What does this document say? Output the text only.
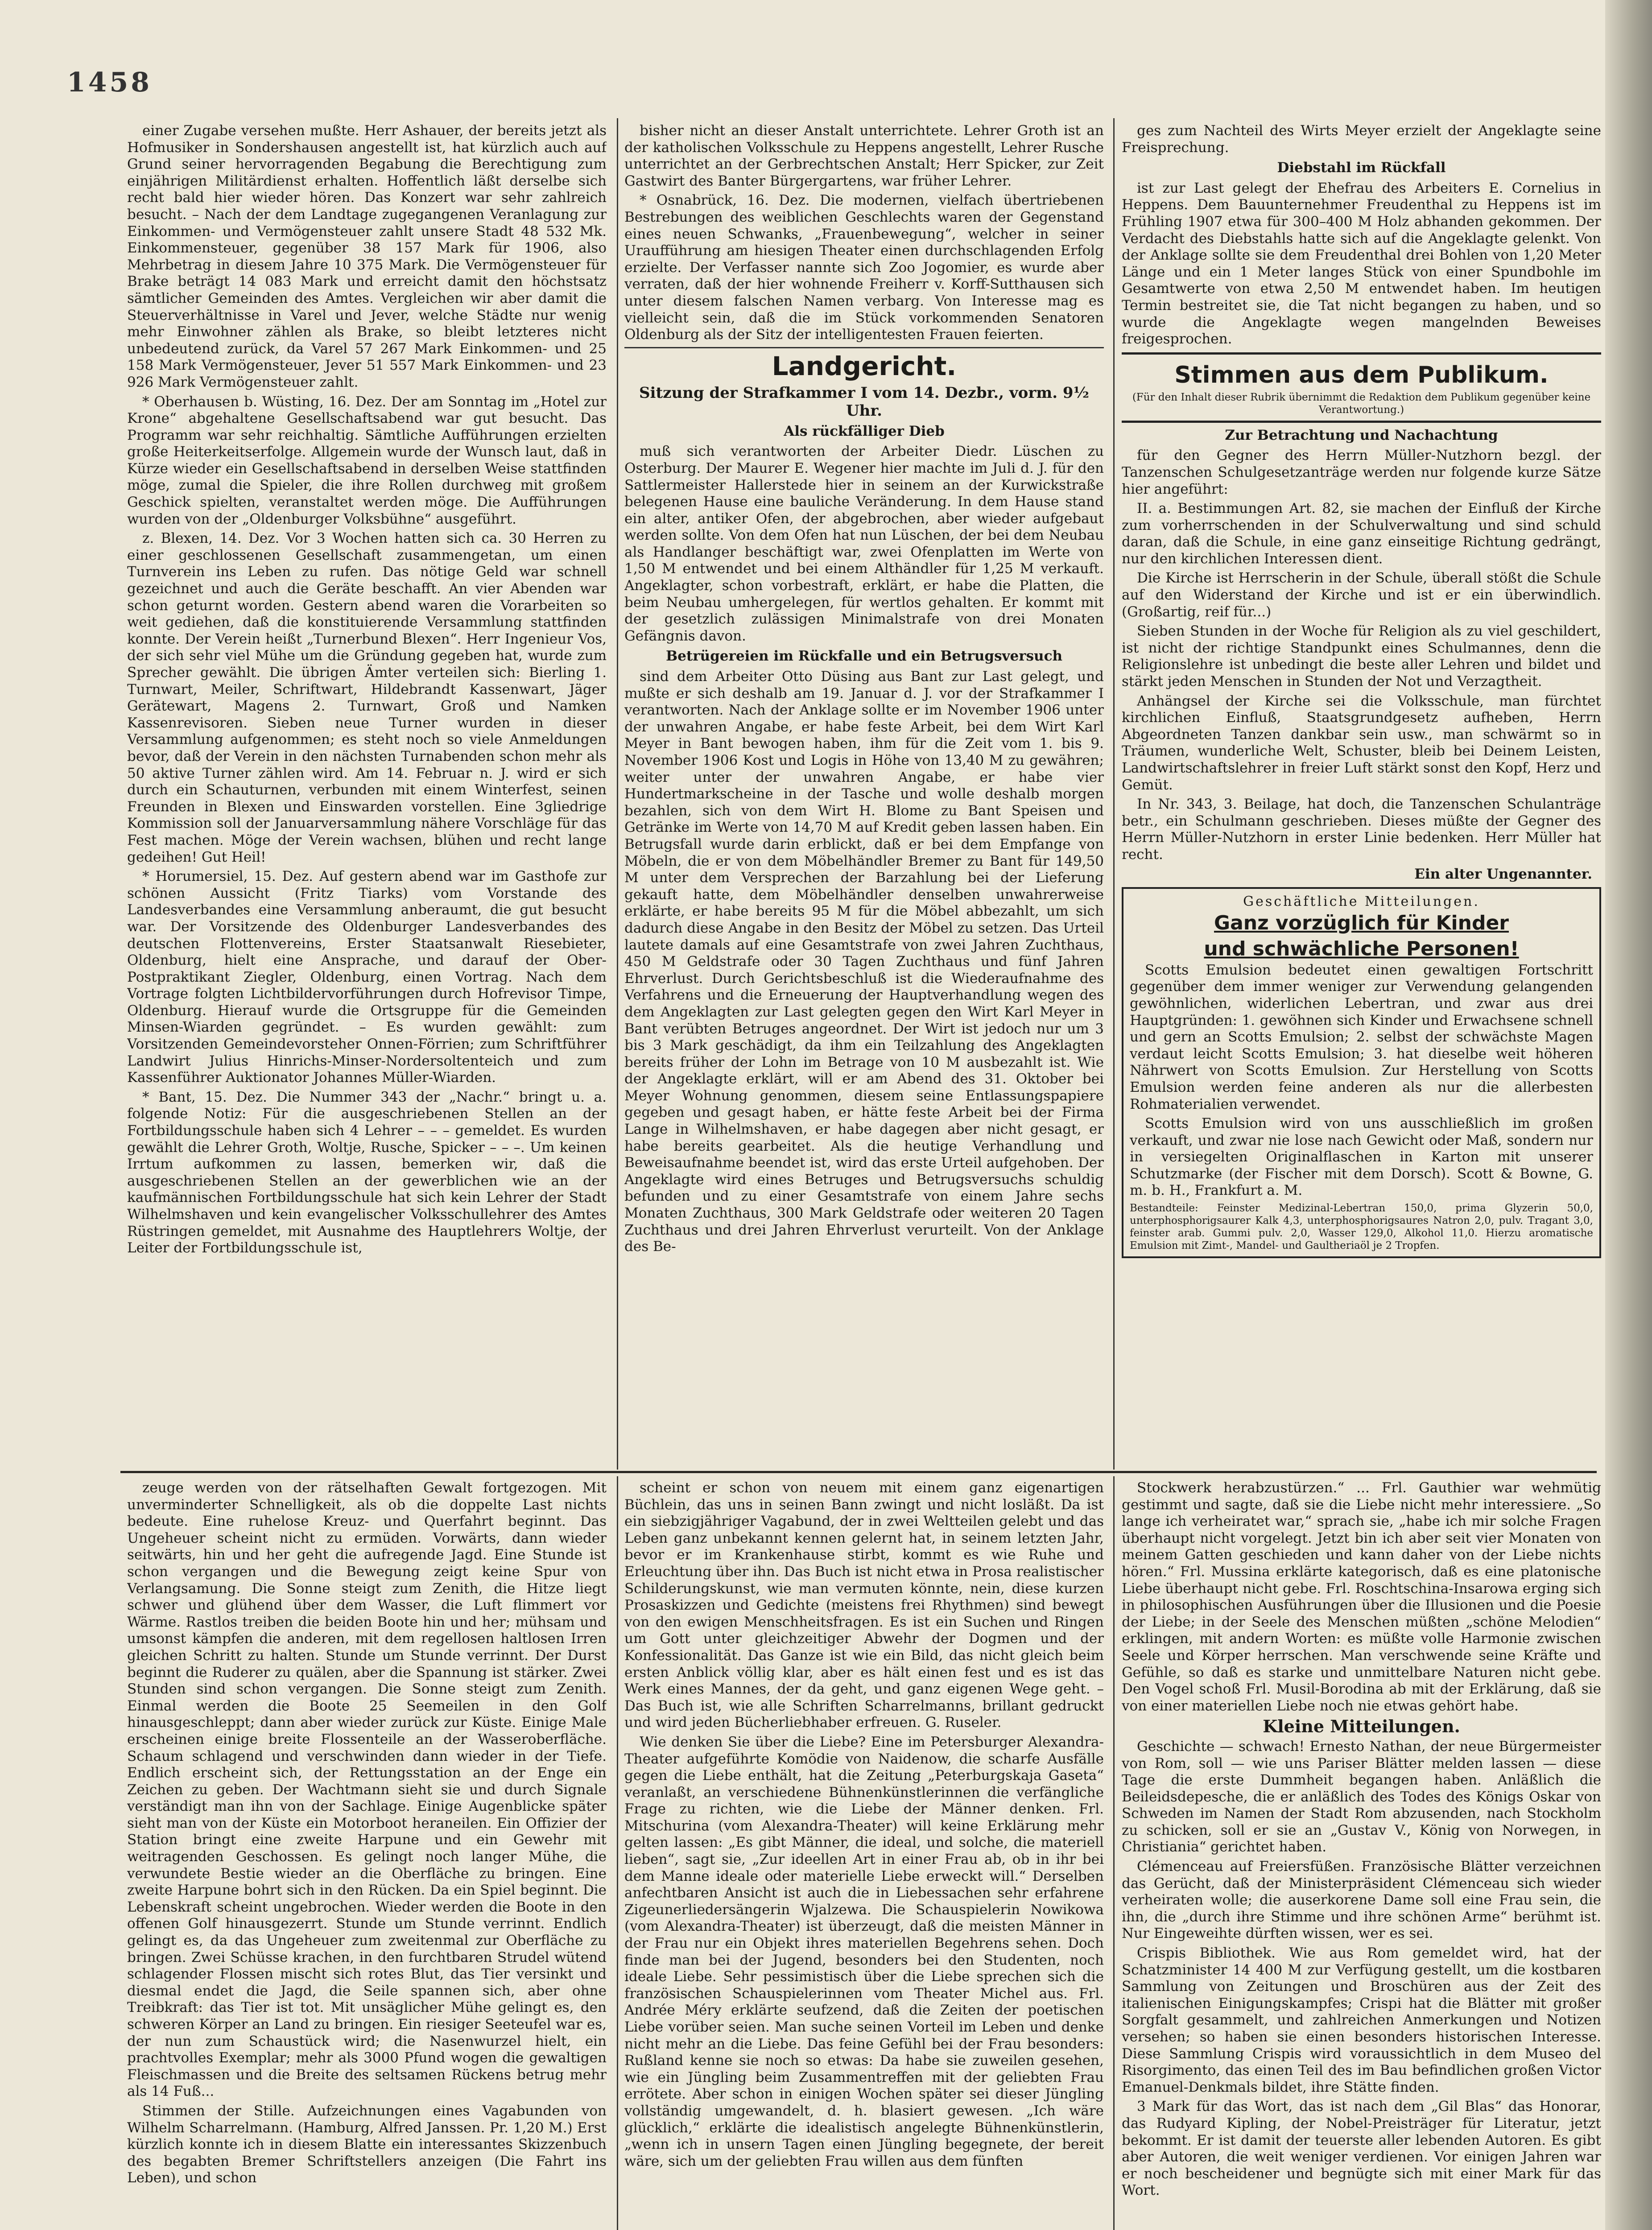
1458

einer Zugabe versehen mußte. Herr Ashauer, der bereits jetzt als Hofmusiker in Sondershausen angestellt ist, hat kürzlich auch auf Grund seiner hervorragenden Begabung die Berechtigung zum einjährigen Militärdienst erhalten. Hoffentlich läßt derselbe sich recht bald hier wieder hören. Das Konzert war sehr zahlreich besucht. – Nach der dem Landtage zugegangenen Veranlagung zur Einkommen- und Vermögensteuer zahlt unsere Stadt 48 532 Mk. Einkommensteuer, gegenüber 38 157 Mark für 1906, also Mehrbetrag in diesem Jahre 10 375 Mark. Die Vermögensteuer für Brake beträgt 14 083 Mark und erreicht damit den höchstsatz sämtlicher Gemeinden des Amtes. Vergleichen wir aber damit die Steuerverhältnisse in Varel und Jever, welche Städte nur wenig mehr Einwohner zählen als Brake, so bleibt letzteres nicht unbedeutend zurück, da Varel 57 267 Mark Einkommen- und 25 158 Mark Vermögensteuer, Jever 51 557 Mark Einkommen- und 23 926 Mark Vermögensteuer zahlt.

* Oberhausen b. Wüsting, 16. Dez. Der am Sonntag im „Hotel zur Krone“ abgehaltene Gesellschaftsabend war gut besucht. Das Programm war sehr reichhaltig. Sämtliche Aufführungen erzielten große Heiterkeitserfolge. Allgemein wurde der Wunsch laut, daß in Kürze wieder ein Gesellschaftsabend in derselben Weise stattfinden möge, zumal die Spieler, die ihre Rollen durchweg mit großem Geschick spielten, veranstaltet werden möge. Die Aufführungen wurden von der „Oldenburger Volksbühne“ ausgeführt.

z. Blexen, 14. Dez. Vor 3 Wochen hatten sich ca. 30 Herren zu einer geschlossenen Gesellschaft zusammengetan, um einen Turnverein ins Leben zu rufen. Das nötige Geld war schnell gezeichnet und auch die Geräte beschafft. An vier Abenden war schon geturnt worden. Gestern abend waren die Vorarbeiten so weit gediehen, daß die konstituierende Versammlung stattfinden konnte. Der Verein heißt „Turnerbund Blexen“. Herr Ingenieur Vos, der sich sehr viel Mühe um die Gründung gegeben hat, wurde zum Sprecher gewählt. Die übrigen Ämter verteilen sich: Bierling 1. Turnwart, Meiler, Schriftwart, Hildebrandt Kassenwart, Jäger Gerätewart, Magens 2. Turnwart, Groß und Namken Kassenrevisoren. Sieben neue Turner wurden in dieser Versammlung aufgenommen; es steht noch so viele Anmeldungen bevor, daß der Verein in den nächsten Turnabenden schon mehr als 50 aktive Turner zählen wird. Am 14. Februar n. J. wird er sich durch ein Schauturnen, verbunden mit einem Winterfest, seinen Freunden in Blexen und Einswarden vorstellen. Eine 3gliedrige Kommission soll der Januarversammlung nähere Vorschläge für das Fest machen. Möge der Verein wachsen, blühen und recht lange gedeihen! Gut Heil!

* Horumersiel, 15. Dez. Auf gestern abend war im Gasthofe zur schönen Aussicht (Fritz Tiarks) vom Vorstande des Landesverbandes eine Versammlung anberaumt, die gut besucht war. Der Vorsitzende des Oldenburger Landesverbandes des deutschen Flottenvereins, Erster Staatsanwalt Riesebieter, Oldenburg, hielt eine Ansprache, und darauf der Ober-Postpraktikant Ziegler, Oldenburg, einen Vortrag. Nach dem Vortrage folgten Lichtbildervorführungen durch Hofrevisor Timpe, Oldenburg. Hierauf wurde die Ortsgruppe für die Gemeinden Minsen-Wiarden gegründet. – Es wurden gewählt: zum Vorsitzenden Gemeindevorsteher Onnen-Förrien; zum Schriftführer Landwirt Julius Hinrichs-Minser-Nordersoltenteich und zum Kassenführer Auktionator Johannes Müller-Wiarden.

* Bant, 15. Dez. Die Nummer 343 der „Nachr.“ bringt u. a. folgende Notiz: Für die ausgeschriebenen Stellen an der Fortbildungsschule haben sich 4 Lehrer – – – gemeldet. Es wurden gewählt die Lehrer Groth, Woltje, Rusche, Spicker – – –. Um keinen Irrtum aufkommen zu lassen, bemerken wir, daß die ausgeschriebenen Stellen an der gewerblichen wie an der kaufmännischen Fortbildungsschule hat sich kein Lehrer der Stadt Wilhelmshaven und kein evangelischer Volksschullehrer des Amtes Rüstringen gemeldet, mit Ausnahme des Hauptlehrers Woltje, der Leiter der Fortbildungsschule ist,

bisher nicht an dieser Anstalt unterrichtete. Lehrer Groth ist an der katholischen Volksschule zu Heppens angestellt, Lehrer Rusche unterrichtet an der Gerbrechtschen Anstalt; Herr Spicker, zur Zeit Gastwirt des Banter Bürgergartens, war früher Lehrer.

* Osnabrück, 16. Dez. Die modernen, vielfach übertriebenen Bestrebungen des weiblichen Geschlechts waren der Gegenstand eines neuen Schwanks, „Frauenbewegung“, welcher in seiner Uraufführung am hiesigen Theater einen durchschlagenden Erfolg erzielte. Der Verfasser nannte sich Zoo Jogomier, es wurde aber verraten, daß der hier wohnende Freiherr v. Korff-Sutthausen sich unter diesem falschen Namen verbarg. Von Interesse mag es vielleicht sein, daß die im Stück vorkommenden Senatoren Oldenburg als der Sitz der intelligentesten Frauen feierten.

Landgericht.
Sitzung der Strafkammer I vom 14. Dezbr., vorm. 9½ Uhr.
Als rückfälliger Dieb

muß sich verantworten der Arbeiter Diedr. Lüschen zu Osterburg. Der Maurer E. Wegener hier machte im Juli d. J. für den Sattlermeister Hallerstede hier in seinem an der Kurwickstraße belegenen Hause eine bauliche Veränderung. In dem Hause stand ein alter, antiker Ofen, der abgebrochen, aber wieder aufgebaut werden sollte. Von dem Ofen hat nun Lüschen, der bei dem Neubau als Handlanger beschäftigt war, zwei Ofenplatten im Werte von 1,50 M entwendet und bei einem Althändler für 1,25 M verkauft. Angeklagter, schon vorbestraft, erklärt, er habe die Platten, die beim Neubau umhergelegen, für wertlos gehalten. Er kommt mit der gesetzlich zulässigen Minimalstrafe von drei Monaten Gefängnis davon.

Betrügereien im Rückfalle und ein Betrugsversuch

sind dem Arbeiter Otto Düsing aus Bant zur Last gelegt, und mußte er sich deshalb am 19. Januar d. J. vor der Strafkammer I verantworten. Nach der Anklage sollte er im November 1906 unter der unwahren Angabe, er habe feste Arbeit, bei dem Wirt Karl Meyer in Bant bewogen haben, ihm für die Zeit vom 1. bis 9. November 1906 Kost und Logis in Höhe von 13,40 M zu gewähren; weiter unter der unwahren Angabe, er habe vier Hundertmarkscheine in der Tasche und wolle deshalb morgen bezahlen, sich von dem Wirt H. Blome zu Bant Speisen und Getränke im Werte von 14,70 M auf Kredit geben lassen haben. Ein Betrugsfall wurde darin erblickt, daß er bei dem Empfange von Möbeln, die er von dem Möbelhändler Bremer zu Bant für 149,50 M unter dem Versprechen der Barzahlung bei der Lieferung gekauft hatte, dem Möbelhändler denselben unwahrerweise erklärte, er habe bereits 95 M für die Möbel abbezahlt, um sich dadurch diese Angabe in den Besitz der Möbel zu setzen. Das Urteil lautete damals auf eine Gesamtstrafe von zwei Jahren Zuchthaus, 450 M Geldstrafe oder 30 Tagen Zuchthaus und fünf Jahren Ehrverlust. Durch Gerichtsbeschluß ist die Wiederaufnahme des Verfahrens und die Erneuerung der Hauptverhandlung wegen des dem Angeklagten zur Last gelegten gegen den Wirt Karl Meyer in Bant verübten Betruges angeordnet. Der Wirt ist jedoch nur um 3 bis 3 Mark geschädigt, da ihm ein Teilzahlung des Angeklagten bereits früher der Lohn im Betrage von 10 M ausbezahlt ist. Wie der Angeklagte erklärt, will er am Abend des 31. Oktober bei Meyer Wohnung genommen, diesem seine Entlassungspapiere gegeben und gesagt haben, er hätte feste Arbeit bei der Firma Lange in Wilhelmshaven, er habe dagegen aber nicht gesagt, er habe bereits gearbeitet. Als die heutige Verhandlung und Beweisaufnahme beendet ist, wird das erste Urteil aufgehoben. Der Angeklagte wird eines Betruges und Betrugsversuchs schuldig befunden und zu einer Gesamtstrafe von einem Jahre sechs Monaten Zuchthaus, 300 Mark Geldstrafe oder weiteren 20 Tagen Zuchthaus und drei Jahren Ehrverlust verurteilt. Von der Anklage des Be-

ges zum Nachteil des Wirts Meyer erzielt der Angeklagte seine Freisprechung.

Diebstahl im Rückfall

ist zur Last gelegt der Ehefrau des Arbeiters E. Cornelius in Heppens. Dem Bauunternehmer Freudenthal zu Heppens ist im Frühling 1907 etwa für 300–400 M Holz abhanden gekommen. Der Verdacht des Diebstahls hatte sich auf die Angeklagte gelenkt. Von der Anklage sollte sie dem Freudenthal drei Bohlen von 1,20 Meter Länge und ein 1 Meter langes Stück von einer Spundbohle im Gesamtwerte von etwa 2,50 M entwendet haben. Im heutigen Termin bestreitet sie, die Tat nicht begangen zu haben, und so wurde die Angeklagte wegen mangelnden Beweises freigesprochen.

Stimmen aus dem Publikum.
(Für den Inhalt dieser Rubrik übernimmt die Redaktion dem Publikum gegenüber keine Verantwortung.)
Zur Betrachtung und Nachachtung

für den Gegner des Herrn Müller-Nutzhorn bezgl. der Tanzenschen Schulgesetzanträge werden nur folgende kurze Sätze hier angeführt:

II. a. Bestimmungen Art. 82, sie machen der Einfluß der Kirche zum vorherrschenden in der Schulverwaltung und sind schuld daran, daß die Schule, in eine ganz einseitige Richtung gedrängt, nur den kirchlichen Interessen dient.

Die Kirche ist Herrscherin in der Schule, überall stößt die Schule auf den Widerstand der Kirche und ist er ein überwindlich. (Großartig, reif für...)

Sieben Stunden in der Woche für Religion als zu viel geschildert, ist nicht der richtige Standpunkt eines Schulmannes, denn die Religionslehre ist unbedingt die beste aller Lehren und bildet und stärkt jeden Menschen in Stunden der Not und Verzagtheit.

Anhängsel der Kirche sei die Volksschule, man fürchtet kirchlichen Einfluß, Staatsgrundgesetz aufheben, Herrn Abgeordneten Tanzen dankbar sein usw., man schwärmt so in Träumen, wunderliche Welt, Schuster, bleib bei Deinem Leisten, Landwirtschaftslehrer in freier Luft stärkt sonst den Kopf, Herz und Gemüt.

In Nr. 343, 3. Beilage, hat doch, die Tanzenschen Schulanträge betr., ein Schulmann geschrieben. Dieses müßte der Gegner des Herrn Müller-Nutzhorn in erster Linie bedenken. Herr Müller hat recht.

Ein alter Ungenannter.
Geschäftliche Mitteilungen.
Ganz vorzüglich für Kinder
und schwächliche Personen!

Scotts Emulsion bedeutet einen gewaltigen Fortschritt gegenüber dem immer weniger zur Verwendung gelangenden gewöhnlichen, widerlichen Lebertran, und zwar aus drei Hauptgründen: 1. gewöhnen sich Kinder und Erwachsene schnell und gern an Scotts Emulsion; 2. selbst der schwächste Magen verdaut leicht Scotts Emulsion; 3. hat dieselbe weit höheren Nährwert von Scotts Emulsion. Zur Herstellung von Scotts Emulsion werden feine anderen als nur die allerbesten Rohmaterialien verwendet.

Scotts Emulsion wird von uns ausschließlich im großen verkauft, und zwar nie lose nach Gewicht oder Maß, sondern nur in versiegelten Originalflaschen in Karton mit unserer Schutzmarke (der Fischer mit dem Dorsch). Scott & Bowne, G. m. b. H., Frankfurt a. M.

Bestandteile: Feinster Medizinal-Lebertran 150,0, prima Glyzerin 50,0, unterphosphorigsaurer Kalk 4,3, unterphosphorigsaures Natron 2,0, pulv. Tragant 3,0, feinster arab. Gummi pulv. 2,0, Wasser 129,0, Alkohol 11,0. Hierzu aromatische Emulsion mit Zimt-, Mandel- und Gaultheriaöl je 2 Tropfen.

zeuge werden von der rätselhaften Gewalt fortgezogen. Mit unverminderter Schnelligkeit, als ob die doppelte Last nichts bedeute. Eine ruhelose Kreuz- und Querfahrt beginnt. Das Ungeheuer scheint nicht zu ermüden. Vorwärts, dann wieder seitwärts, hin und her geht die aufregende Jagd. Eine Stunde ist schon vergangen und die Bewegung zeigt keine Spur von Verlangsamung. Die Sonne steigt zum Zenith, die Hitze liegt schwer und glühend über dem Wasser, die Luft flimmert vor Wärme. Rastlos treiben die beiden Boote hin und her; mühsam und umsonst kämpfen die anderen, mit dem regellosen haltlosen Irren gleichen Schritt zu halten. Stunde um Stunde verrinnt. Der Durst beginnt die Ruderer zu quälen, aber die Spannung ist stärker. Zwei Stunden sind schon vergangen. Die Sonne steigt zum Zenith. Einmal werden die Boote 25 Seemeilen in den Golf hinausgeschleppt; dann aber wieder zurück zur Küste. Einige Male erscheinen einige breite Flossenteile an der Wasseroberfläche. Schaum schlagend und verschwinden dann wieder in der Tiefe. Endlich erscheint sich, der Rettungsstation an der Enge ein Zeichen zu geben. Der Wachtmann sieht sie und durch Signale verständigt man ihn von der Sachlage. Einige Augenblicke später sieht man von der Küste ein Motorboot heraneilen. Ein Offizier der Station bringt eine zweite Harpune und ein Gewehr mit weitragenden Geschossen. Es gelingt noch langer Mühe, die verwundete Bestie wieder an die Oberfläche zu bringen. Eine zweite Harpune bohrt sich in den Rücken. Da ein Spiel beginnt. Die Lebenskraft scheint ungebrochen. Wieder werden die Boote in den offenen Golf hinausgezerrt. Stunde um Stunde verrinnt. Endlich gelingt es, da das Ungeheuer zum zweitenmal zur Oberfläche zu bringen. Zwei Schüsse krachen, in den furchtbaren Strudel wütend schlagender Flossen mischt sich rotes Blut, das Tier versinkt und diesmal endet die Jagd, die Seile spannen sich, aber ohne Treibkraft: das Tier ist tot. Mit unsäglicher Mühe gelingt es, den schweren Körper an Land zu bringen. Ein riesiger Seeteufel war es, der nun zum Schaustück wird; die Nasenwurzel hielt, ein prachtvolles Exemplar; mehr als 3000 Pfund wogen die gewaltigen Fleischmassen und die Breite des seltsamen Rückens betrug mehr als 14 Fuß...

Stimmen der Stille. Aufzeichnungen eines Vagabunden von Wilhelm Scharrelmann. (Hamburg, Alfred Janssen. Pr. 1,20 M.) Erst kürzlich konnte ich in diesem Blatte ein interessantes Skizzenbuch des begabten Bremer Schriftstellers anzeigen (Die Fahrt ins Leben), und schon

scheint er schon von neuem mit einem ganz eigenartigen Büchlein, das uns in seinen Bann zwingt und nicht losläßt. Da ist ein siebzigjähriger Vagabund, der in zwei Weltteilen gelebt und das Leben ganz unbekannt kennen gelernt hat, in seinem letzten Jahr, bevor er im Krankenhause stirbt, kommt es wie Ruhe und Erleuchtung über ihn. Das Buch ist nicht etwa in Prosa realistischer Schilderungskunst, wie man vermuten könnte, nein, diese kurzen Prosaskizzen und Gedichte (meistens frei Rhythmen) sind bewegt von den ewigen Menschheitsfragen. Es ist ein Suchen und Ringen um Gott unter gleichzeitiger Abwehr der Dogmen und der Konfessionalität. Das Ganze ist wie ein Bild, das nicht gleich beim ersten Anblick völlig klar, aber es hält einen fest und es ist das Werk eines Mannes, der da geht, und ganz eigenen Wege geht. – Das Buch ist, wie alle Schriften Scharrelmanns, brillant gedruckt und wird jeden Bücherliebhaber erfreuen. G. Ruseler.

Wie denken Sie über die Liebe? Eine im Petersburger Alexandra-Theater aufgeführte Komödie von Naidenow, die scharfe Ausfälle gegen die Liebe enthält, hat die Zeitung „Peterburgskaja Gaseta“ veranlaßt, an verschiedene Bühnenkünstlerinnen die verfängliche Frage zu richten, wie die Liebe der Männer denken. Frl. Mitschurina (vom Alexandra-Theater) will keine Erklärung mehr gelten lassen: „Es gibt Männer, die ideal, und solche, die materiell lieben“, sagt sie, „Zur ideellen Art in einer Frau ab, ob in ihr bei dem Manne ideale oder materielle Liebe erweckt will.“ Derselben anfechtbaren Ansicht ist auch die in Liebessachen sehr erfahrene Zigeunerliedersängerin Wjalzewa. Die Schauspielerin Nowikowa (vom Alexandra-Theater) ist überzeugt, daß die meisten Männer in der Frau nur ein Objekt ihres materiellen Begehrens sehen. Doch finde man bei der Jugend, besonders bei den Studenten, noch ideale Liebe. Sehr pessimistisch über die Liebe sprechen sich die französischen Schauspielerinnen vom Theater Michel aus. Frl. Andrée Méry erklärte seufzend, daß die Zeiten der poetischen Liebe vorüber seien. Man suche seinen Vorteil im Leben und denke nicht mehr an die Liebe. Das feine Gefühl bei der Frau besonders: Rußland kenne sie noch so etwas: Da habe sie zuweilen gesehen, wie ein Jüngling beim Zusammentreffen mit der geliebten Frau errötete. Aber schon in einigen Wochen später sei dieser Jüngling vollständig umgewandelt, d. h. blasiert gewesen. „Ich wäre glücklich,“ erklärte die idealistisch angelegte Bühnenkünstlerin, „wenn ich in unsern Tagen einen Jüngling begegnete, der bereit wäre, sich um der geliebten Frau willen aus dem fünften

Stockwerk herabzustürzen.“ ... Frl. Gauthier war wehmütig gestimmt und sagte, daß sie die Liebe nicht mehr interessiere. „So lange ich verheiratet war,“ sprach sie, „habe ich mir solche Fragen überhaupt nicht vorgelegt. Jetzt bin ich aber seit vier Monaten von meinem Gatten geschieden und kann daher von der Liebe nichts hören.“ Frl. Mussina erklärte kategorisch, daß es eine platonische Liebe überhaupt nicht gebe. Frl. Roschtschina-Insarowa erging sich in philosophischen Ausführungen über die Illusionen und die Poesie der Liebe; in der Seele des Menschen müßten „schöne Melodien“ erklingen, mit andern Worten: es müßte volle Harmonie zwischen Seele und Körper herrschen. Man verschwende seine Kräfte und Gefühle, so daß es starke und unmittelbare Naturen nicht gebe. Den Vogel schoß Frl. Musil-Borodina ab mit der Erklärung, daß sie von einer materiellen Liebe noch nie etwas gehört habe.

Kleine Mitteilungen.

Geschichte — schwach! Ernesto Nathan, der neue Bürgermeister von Rom, soll — wie uns Pariser Blätter melden lassen — diese Tage die erste Dummheit begangen haben. Anläßlich die Beileidsdepesche, die er anläßlich des Todes des Königs Oskar von Schweden im Namen der Stadt Rom abzusenden, nach Stockholm zu schicken, soll er sie an „Gustav V., König von Norwegen, in Christiania“ gerichtet haben.

Clémenceau auf Freiersfüßen. Französische Blätter verzeichnen das Gerücht, daß der Ministerpräsident Clémenceau sich wieder verheiraten wolle; die auserkorene Dame soll eine Frau sein, die ihn, die „durch ihre Stimme und ihre schönen Arme“ berühmt ist. Nur Eingeweihte dürften wissen, wer es sei.

Crispis Bibliothek. Wie aus Rom gemeldet wird, hat der Schatzminister 14 400 M zur Verfügung gestellt, um die kostbaren Sammlung von Zeitungen und Broschüren aus der Zeit des italienischen Einigungskampfes; Crispi hat die Blätter mit großer Sorgfalt gesammelt, und zahlreichen Anmerkungen und Notizen versehen; so haben sie einen besonders historischen Interesse. Diese Sammlung Crispis wird voraussichtlich in dem Museo del Risorgimento, das einen Teil des im Bau befindlichen großen Victor Emanuel-Denkmals bildet, ihre Stätte finden.

3 Mark für das Wort, das ist nach dem „Gil Blas“ das Honorar, das Rudyard Kipling, der Nobel-Preisträger für Literatur, jetzt bekommt. Er ist damit der teuerste aller lebenden Autoren. Es gibt aber Autoren, die weit weniger verdienen. Vor einigen Jahren war er noch bescheidener und begnügte sich mit einer Mark für das Wort.
